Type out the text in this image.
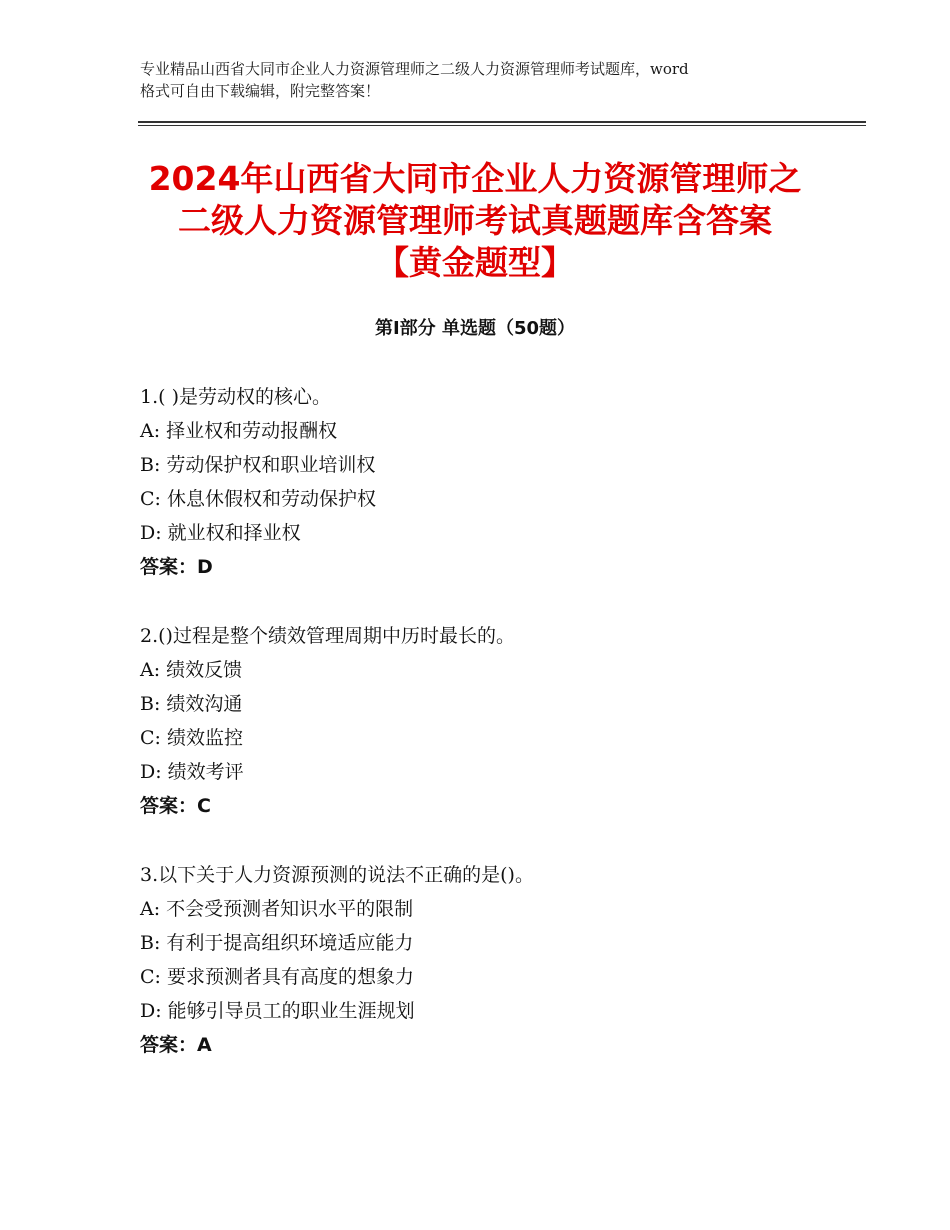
专业精品山西省大同市企业人力资源管理师之二级人力资源管理师考试题库，word
格式可自由下载编辑，附完整答案！
2024年山西省大同市企业人力资源管理师之
二级人力资源管理师考试真题题库含答案
【黄金题型】
第Ⅰ部分 单选题（50题）
1.( )是劳动权的核心。
A: 择业权和劳动报酬权
B: 劳动保护权和职业培训权
C: 休息休假权和劳动保护权
D: 就业权和择业权
答案：D
2.()过程是整个绩效管理周期中历时最长的。
A: 绩效反馈
B: 绩效沟通
C: 绩效监控
D: 绩效考评
答案：C
3.以下关于人力资源预测的说法不正确的是()。
A: 不会受预测者知识水平的限制
B: 有利于提高组织环境适应能力
C: 要求预测者具有高度的想象力
D: 能够引导员工的职业生涯规划
答案：A
